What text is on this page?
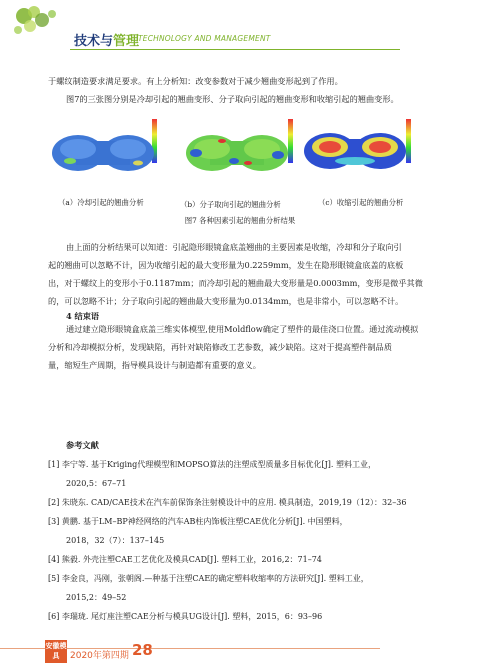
技术与管理
TECHNOLOGY AND MANAGEMENT
于螺纹制造要求满足要求。有上分析知：改变参数对于减少翘曲变形起到了作用。
图7的三张图分别是冷却引起的翘曲变形、分子取向引起的翘曲变形和收缩引起的翘曲变形。
（a）冷却引起的翘曲分析	（b）分子取向引起的翘曲分析	（c）收缩引起的翘曲分析
图7 各种因素引起的翘曲分析结果
由上面的分析结果可以知道：引起隐形眼镜盒底盖翘曲的主要因素是收缩，冷却和分子取向引
起的翘曲可以忽略不计，因为收缩引起的最大变形量为0.2259mm，发生在隐形眼镜盒底盖的底板
出，对于螺纹上的变形小于0.1187mm；而冷却引起的翘曲最大变形量是0.0003mm，变形是微乎其微
的，可以忽略不计；分子取向引起的翘曲最大变形量为0.0134mm，也是非常小，可以忽略不计。
4 结束语
通过建立隐形眼镜盒底盖三维实体模型,使用Moldflow确定了塑件的最佳浇口位置。通过流动模拟
分析和冷却模拟分析，发现缺陷，再针对缺陷修改工艺参数，减少缺陷。这对于提高塑件制品质
量，缩短生产周期，指导模具设计与制造都有重要的意义。
参考文献
[1] 李宁等. 基于Kriging代理模型和MOPSO算法的注塑成型质量多目标优化[J]. 塑料工业，
2020,5：67–71
[2] 朱晓东. CAD/CAE技术在汽车前保饰条注射模设计中的应用. 模具制造，2019,19（12）：32–36
[3] 黄鹏. 基于LM–BP神经网络的汽车AB柱内饰板注塑CAE优化分析[J]. 中国塑料，
2018，32（7）：137–145
[4] 熊毅. 外壳注塑CAE工艺优化及模具CAD[J]. 塑料工业，2016,2：71–74
[5] 李金良，冯刚，张朝阁.—种基于注塑CAE的确定塑料收缩率的方法研究[J]. 塑料工业，
2015,2：49–52
[6] 李瑞珑. 尾灯座注塑CAE分析与模具UG设计[J]. 塑料，2015，6：93–96
安徽模具	2020年第四期 28
